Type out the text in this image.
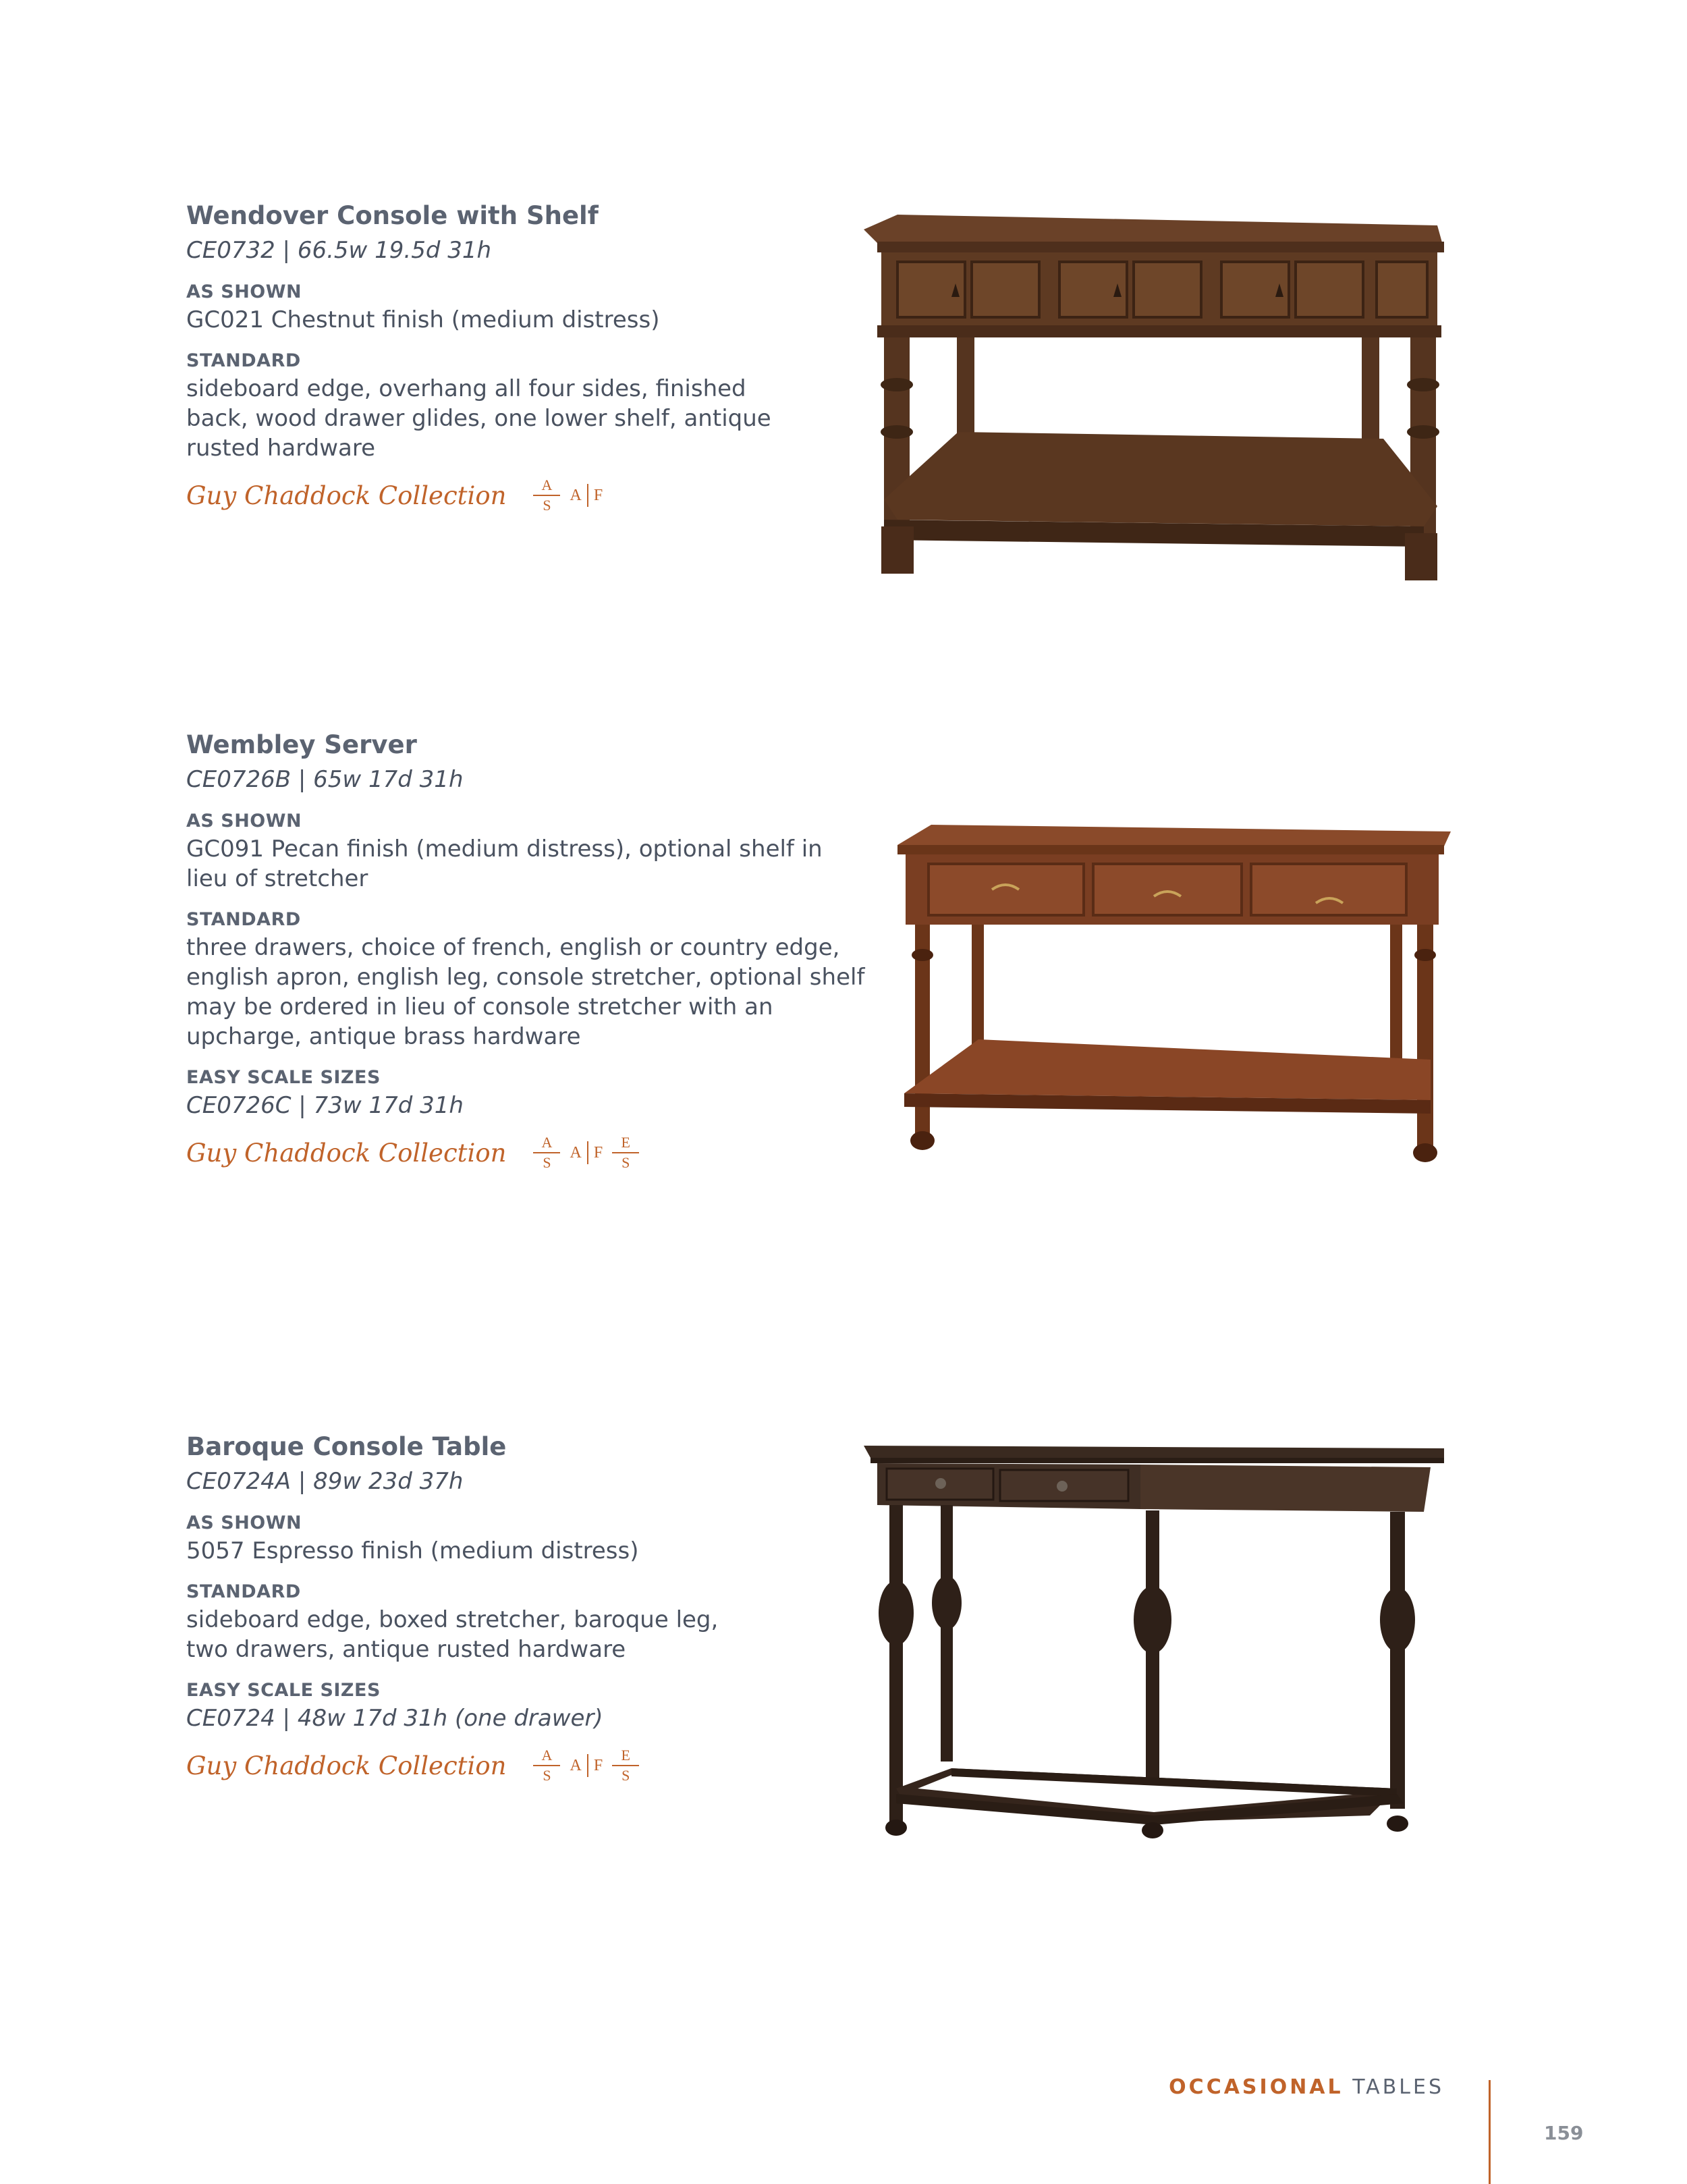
Wendover Console with Shelf
CE0732 | 66.5w 19.5d 31h
AS SHOWN
GC021 Chestnut finish (medium distress)
STANDARD
sideboard edge, overhang all four sides, finished back, wood drawer glides, one lower shelf, antique rusted hardware
Guy Chaddock Collection $\frac{A}{S}$ A F
Wembley Server
CE0726B | 65w 17d 31h
AS SHOWN
GC091 Pecan finish (medium distress), optional shelf in lieu of stretcher
STANDARD
three drawers, choice of french, english or country edge, english apron, english leg, console stretcher, optional shelf may be ordered in lieu of console stretcher with an upcharge, antique brass hardware
EASY SCALE SIZES
CE0726C | 73w 17d 31h
Guy Chaddock Collection $\frac{A}{S}$ A F $\frac{E}{S}$
Baroque Console Table
CE0724A | 89w 23d 37h
AS SHOWN
5057 Espresso finish (medium distress)
STANDARD
sideboard edge, boxed stretcher, baroque leg, two drawers, antique rusted hardware
EASY SCALE SIZES
CE0724 | 48w 17d 31h (one drawer)
Guy Chaddock Collection $\frac{A}{S}$ A F $\frac{E}{S}$
OCCASIONAL TABLES
159
